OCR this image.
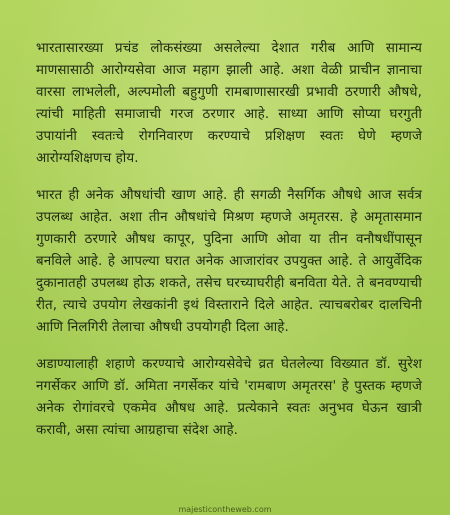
भारतासारख्या प्रचंड लोकसंख्या असलेल्या देशात गरीब आणि सामान्य माणसासाठी आरोग्यसेवा आज महाग झाली आहे. अशा वेळी प्राचीन ज्ञानाचा वारसा लाभलेली, अल्पमोली बहुगुणी रामबाणासारखी प्रभावी ठरणारी औषधे, त्यांची माहिती समाजाची गरज ठरणार आहे. साध्या आणि सोप्या घरगुती उपायांनी स्वतःचे रोगनिवारण करण्याचे प्रशिक्षण स्वतः घेणे म्हणजे आरोग्यशिक्षणच होय.

भारत ही अनेक औषधांची खाण आहे. ही सगळी नैसर्गिक औषधे आज सर्वत्र उपलब्ध आहेत. अशा तीन औषधांचे मिश्रण म्हणजे अमृतरस. हे अमृतासमान गुणकारी ठरणारे औषध कापूर, पुदिना आणि ओवा या तीन वनौषधींपासून बनविले आहे. हे आपल्या घरात अनेक आजारांवर उपयुक्त आहे. ते आयुर्वेदिक दुकानातही उपलब्ध होऊ शकते, तसेच घरच्याघरीही बनविता येते. ते बनवण्याची रीत, त्याचे उपयोग लेखकांनी इथं विस्ताराने दिले आहेत. त्याचबरोबर दालचिनी आणि निलगिरी तेलाचा औषधी उपयोगही दिला आहे.

अडाण्यालाही शहाणे करण्याचे आरोग्यसेवेचे व्रत घेतलेल्या विख्यात डॉ. सुरेश नगर्सेकर आणि डॉ. अमिता नगर्सेकर यांचे 'रामबाण अमृतरस' हे पुस्तक म्हणजे अनेक रोगांवरचे एकमेव औषध आहे. प्रत्येकाने स्वतः अनुभव घेऊन खात्री करावी, असा त्यांचा आग्रहाचा संदेश आहे.

majesticontheweb.com
